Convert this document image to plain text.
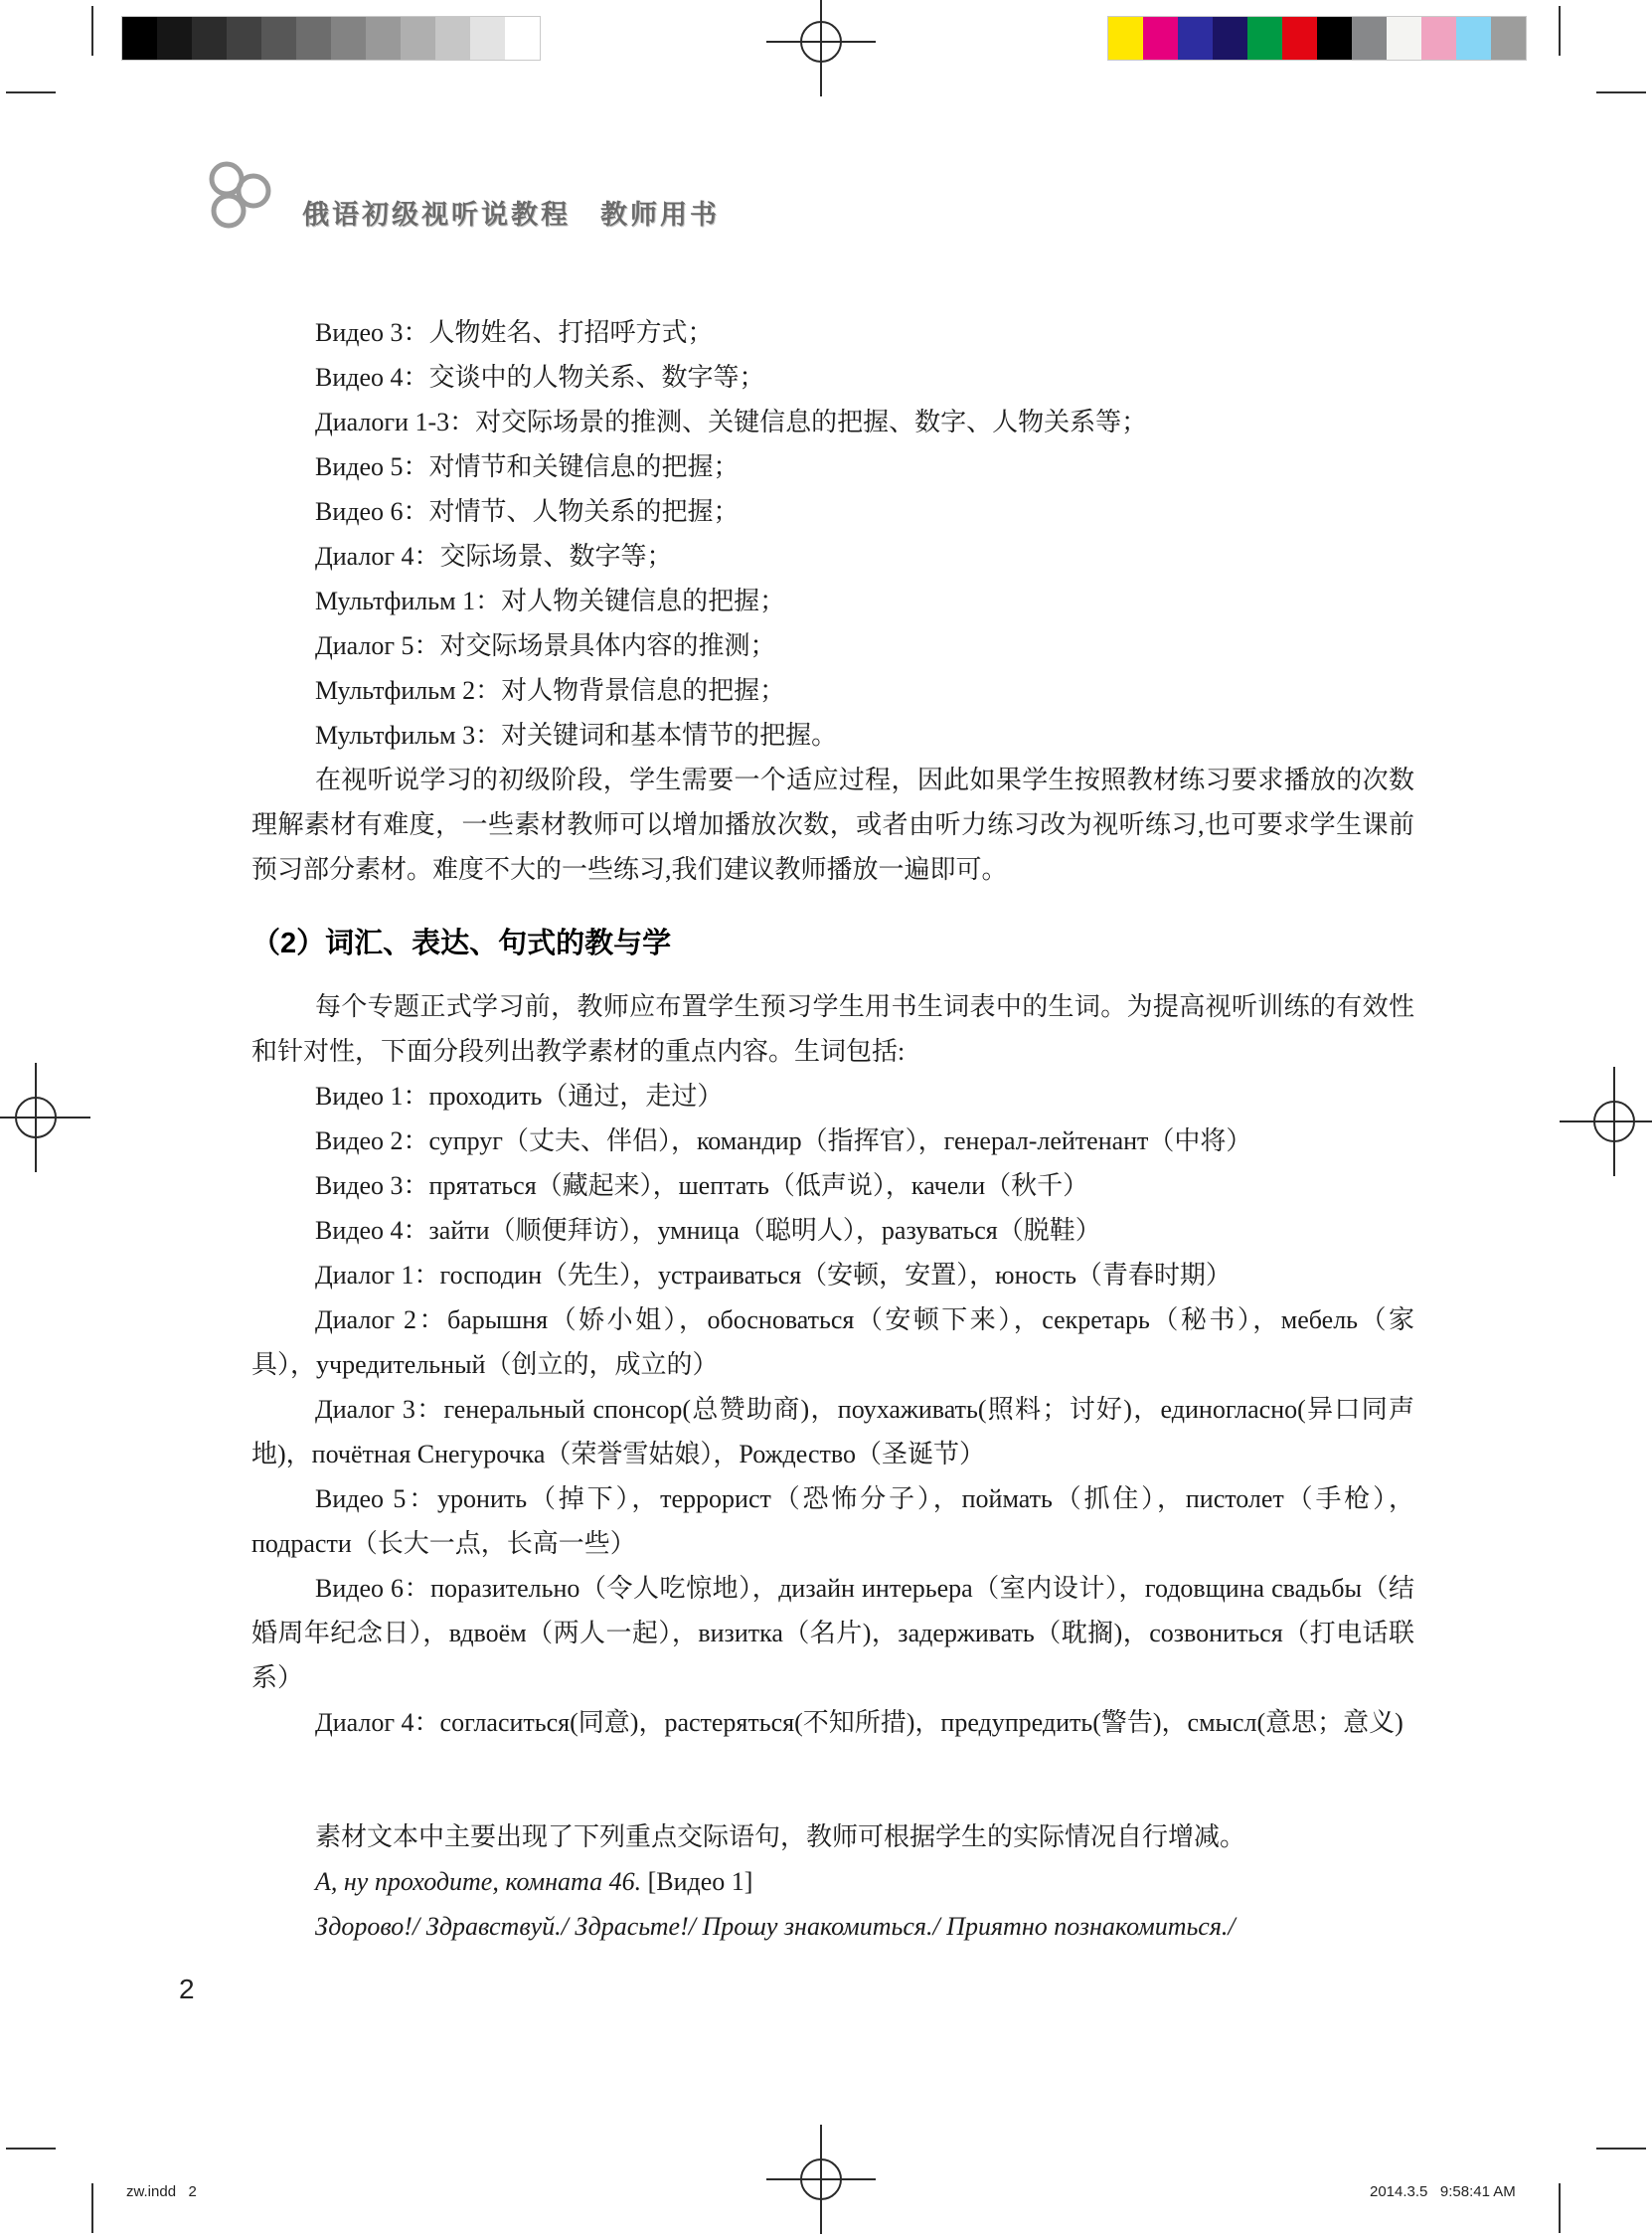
俄语初级视听说教程　教师用书

Видео 3：人物姓名、打招呼方式；

Видео 4：交谈中的人物关系、数字等；

Диалоги 1-3：对交际场景的推测、关键信息的把握、数字、人物关系等；

Видео 5：对情节和关键信息的把握；

Видео 6：对情节、人物关系的把握；

Диалог 4：交际场景、数字等；

Мультфильм 1：对人物关键信息的把握；

Диалог 5：对交际场景具体内容的推测；

Мультфильм 2：对人物背景信息的把握；

Мультфильм 3：对关键词和基本情节的把握。

在视听说学习的初级阶段，学生需要一个适应过程，因此如果学生按照教材练习要求播放的次数理解素材有难度，一些素材教师可以增加播放次数，或者由听力练习改为视听练习,也可要求学生课前预习部分素材。难度不大的一些练习,我们建议教师播放一遍即可。

（2）词汇、表达、句式的教与学

每个专题正式学习前，教师应布置学生预习学生用书生词表中的生词。为提高视听训练的有效性和针对性，下面分段列出教学素材的重点内容。生词包括:

Видео 1：проходить（通过，走过）

Видео 2：супруг（丈夫、伴侣），командир（指挥官），генерал-лейтенант（中将）

Видео 3：прятаться（藏起来），шептать（低声说），качели（秋千）

Видео 4：зайти（顺便拜访），умница（聪明人），разуваться（脱鞋）

Диалог 1：господин（先生），устраиваться（安顿，安置），юность（青春时期）

Диалог 2：барышня（娇小姐），обосноваться（安顿下来），секретарь（秘书），мебель（家具），учредительный（创立的，成立的）

Диалог 3：генеральный спонсор(总赞助商)，поухаживать(照料；讨好)，единогласно(异口同声地)，почётная Снегурочка（荣誉雪姑娘），Рождество（圣诞节）

Видео 5：уронить（掉下），террорист（恐怖分子），поймать（抓住），пистолет（手枪），подрасти（长大一点，长高一些）

Видео 6：поразительно（令人吃惊地），дизайн интерьера（室内设计），годовщина свадьбы（结婚周年纪念日），вдвоём（两人一起），визитка（名片)，задерживать（耽搁)，созвониться（打电话联系）

Диалог 4：согласиться(同意)，растеряться(不知所措)，предупредить(警告)，смысл(意思；意义)

素材文本中主要出现了下列重点交际语句，教师可根据学生的实际情况自行增减。

А, ну проходите, комната 46. [Видео 1]

Здорово!/ Здравствуй./ Здрасьте!/ Прошу знакомиться./ Приятно познакомиться./

2
zw.indd   2	2014.3.5   9:58:41 AM
